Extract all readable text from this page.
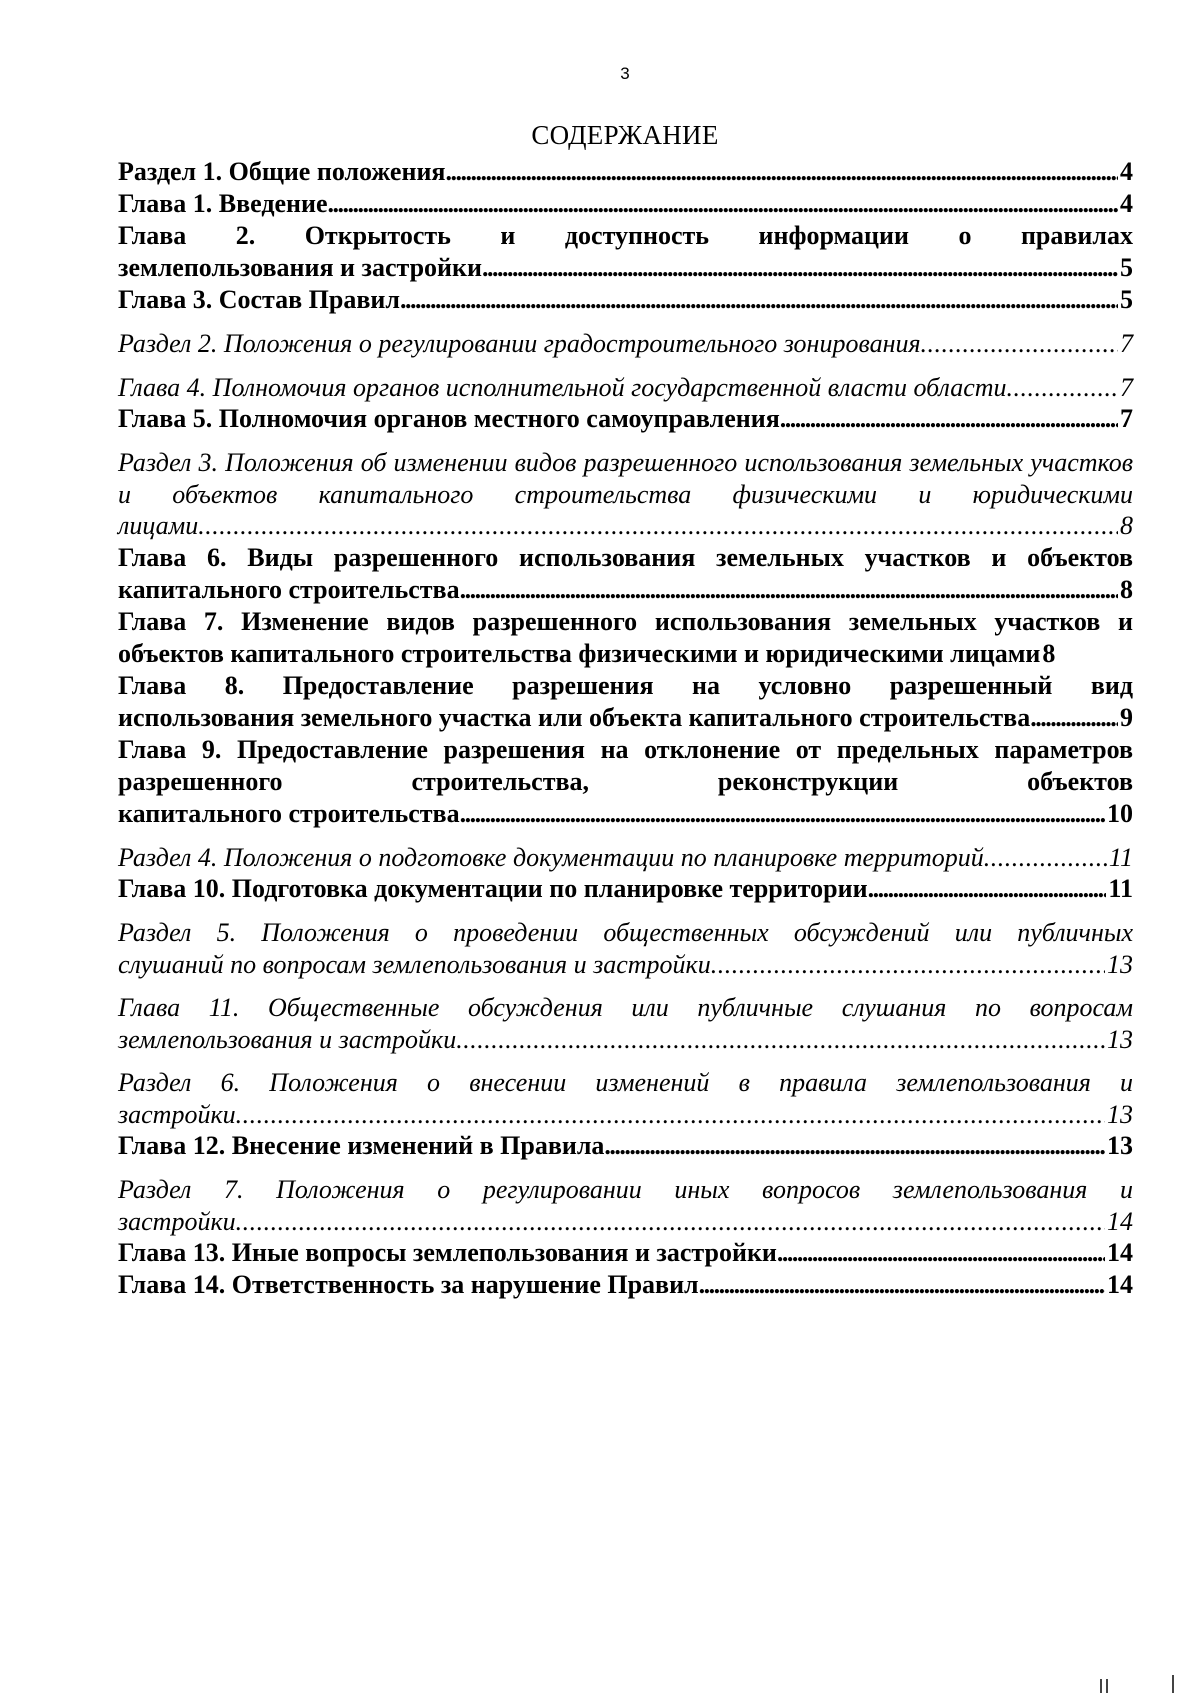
3
СОДЕРЖАНИЕ
Раздел 1. Общие положения .....	4
Глава 1. Введение .....	4
Глава 2. Открытость и доступность информации о правилах
землепользования и застройки .....	5
Глава 3. Состав Правил .....	5
Раздел 2. Положения о регулировании градостроительного зонирования .....	7
Глава 4. Полномочия органов исполнительной государственной власти области .....	7
Глава 5. Полномочия органов местного самоуправления .....	7
Раздел 3. Положения об изменении видов разрешенного использования земельных участков и объектов капитального строительства физическими и юридическими
лицами .....	8
Глава 6. Виды разрешенного использования земельных участков и объектов
капитального строительства .....	8
Глава 7. Изменение видов разрешенного использования земельных участков и
объектов капитального строительства физическими и юридическими лицами 8
Глава 8. Предоставление разрешения на условно разрешенный вид
использования земельного участка или объекта капитального строительства .....	9
Глава 9. Предоставление разрешения на отклонение от предельных параметров разрешенного строительства, реконструкции объектов
капитального строительства .....	10
Раздел 4. Положения о подготовке документации по планировке территорий .....	11
Глава 10. Подготовка документации по планировке территории .....	11
Раздел 5. Положения о проведении общественных обсуждений или публичных
слушаний по вопросам землепользования и застройки .....	13
Глава 11. Общественные обсуждения или публичные слушания по вопросам
землепользования и застройки .....	13
Раздел 6. Положения о внесении изменений в правила землепользования и
застройки .....	13
Глава 12. Внесение изменений в Правила .....	13
Раздел 7. Положения о регулировании иных вопросов землепользования и
застройки .....	14
Глава 13. Иные вопросы землепользования и застройки .....	14
Глава 14. Ответственность за нарушение Правил .....	14
